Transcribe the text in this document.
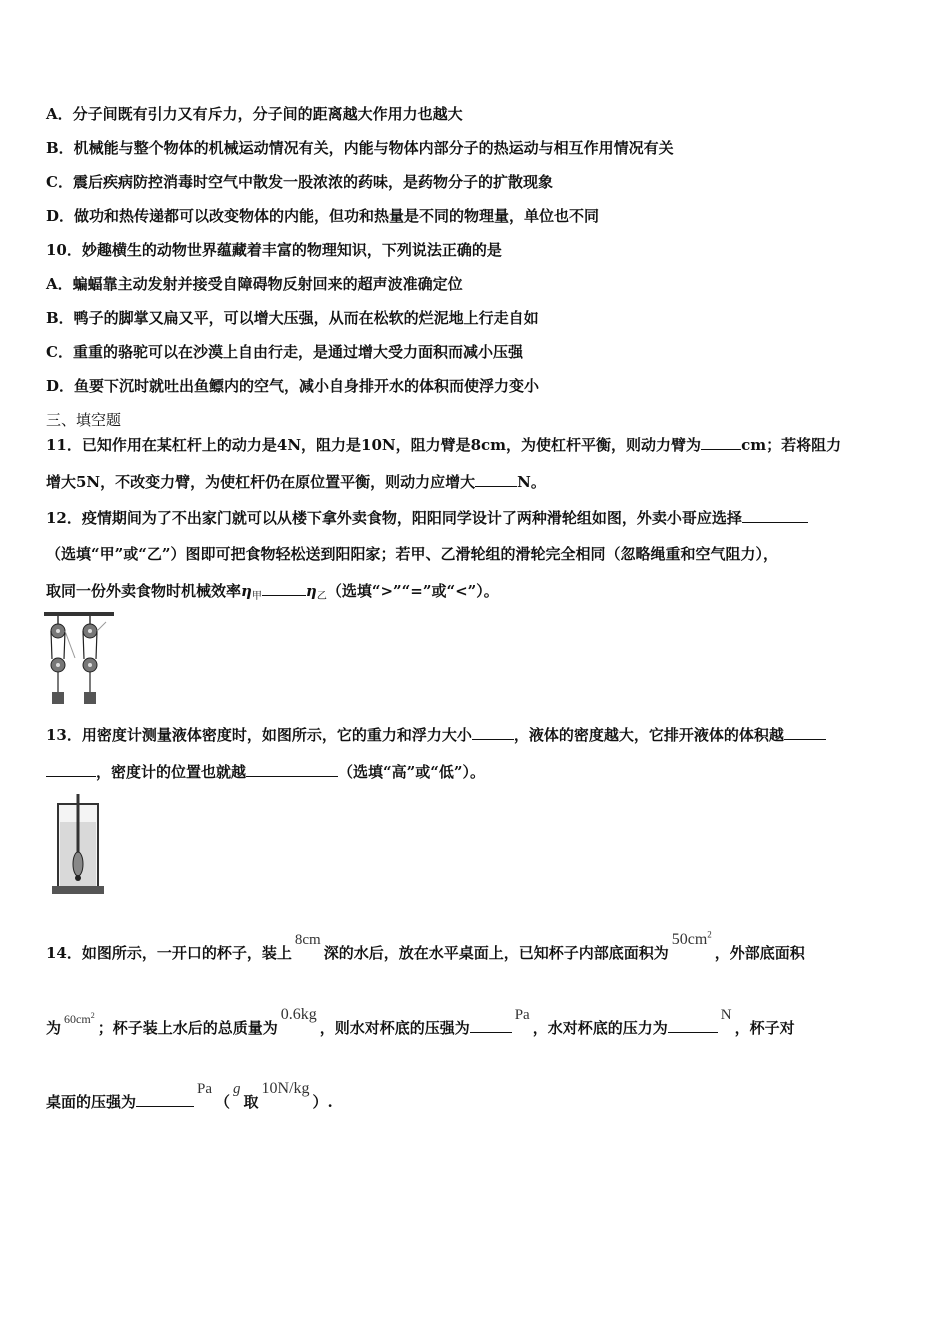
A．分子间既有引力又有斥力，分子间的距离越大作用力也越大
B．机械能与整个物体的机械运动情况有关，内能与物体内部分子的热运动与相互作用情况有关
C．震后疾病防控消毒时空气中散发一股浓浓的药味，是药物分子的扩散现象
D．做功和热传递都可以改变物体的内能，但功和热量是不同的物理量，单位也不同
10．妙趣横生的动物世界蕴藏着丰富的物理知识，下列说法正确的是
A．蝙蝠靠主动发射并接受自障碍物反射回来的超声波准确定位
B．鸭子的脚掌又扁又平，可以增大压强，从而在松软的烂泥地上行走自如
C．重重的骆驼可以在沙漠上自由行走，是通过增大受力面积而减小压强
D．鱼要下沉时就吐出鱼鳔内的空气，减小自身排开水的体积而使浮力变小
三、填空题
11．已知作用在某杠杆上的动力是4N，阻力是10N，阻力臂是8cm，为使杠杆平衡，则动力臂为	cm；若将阻力
增大5N，不改变力臂，为使杠杆仍在原位置平衡，则动力应增大	N。
12．疫情期间为了不出家门就可以从楼下拿外卖食物，阳阳同学设计了两种滑轮组如图，外卖小哥应选择
（选填“甲”或“乙”）图即可把食物轻松送到阳阳家；若甲、乙滑轮组的滑轮完全相同（忽略绳重和空气阻力），
取同一份外卖食物时机械效率$\eta_甲$	$\eta_乙$（选填“>”“=”或“<”）。
13．用密度计测量液体密度时，如图所示，它的重力和浮力大小	，液体的密度越大，它排开液体的体积越
，密度计的位置也就越	（选填“高”或“低”）。
14．如图所示，一开口的杯子，装上8cm深的水后，放在水平桌面上，已知杯子内部底面积为$50cm^2$，外部底面积
为 $^{60cm^2}$；杯子装上水后的总质量为0.6kg，则水对杯底的压强为Pa，水对杯底的压力为N，杯子对
桌面的压强为Pa（g取10N/kg）.
